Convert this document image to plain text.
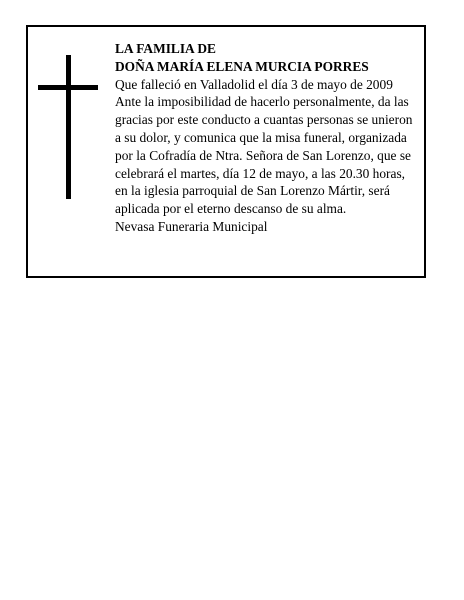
LA FAMILIA DE
DOÑA MARÍA ELENA MURCIA PORRES
Que falleció en Valladolid el día 3 de mayo de 2009
Ante la imposibilidad de hacerlo personalmente, da las
gracias por este conducto a cuantas personas se unieron
a su dolor, y comunica que la misa funeral, organizada
por la Cofradía de Ntra. Señora de San Lorenzo, que se
celebrará el martes, día 12 de mayo, a las 20.30 horas,
en la iglesia parroquial de San Lorenzo Mártir, será
aplicada por el eterno descanso de su alma.
Nevasa Funeraria Municipal
